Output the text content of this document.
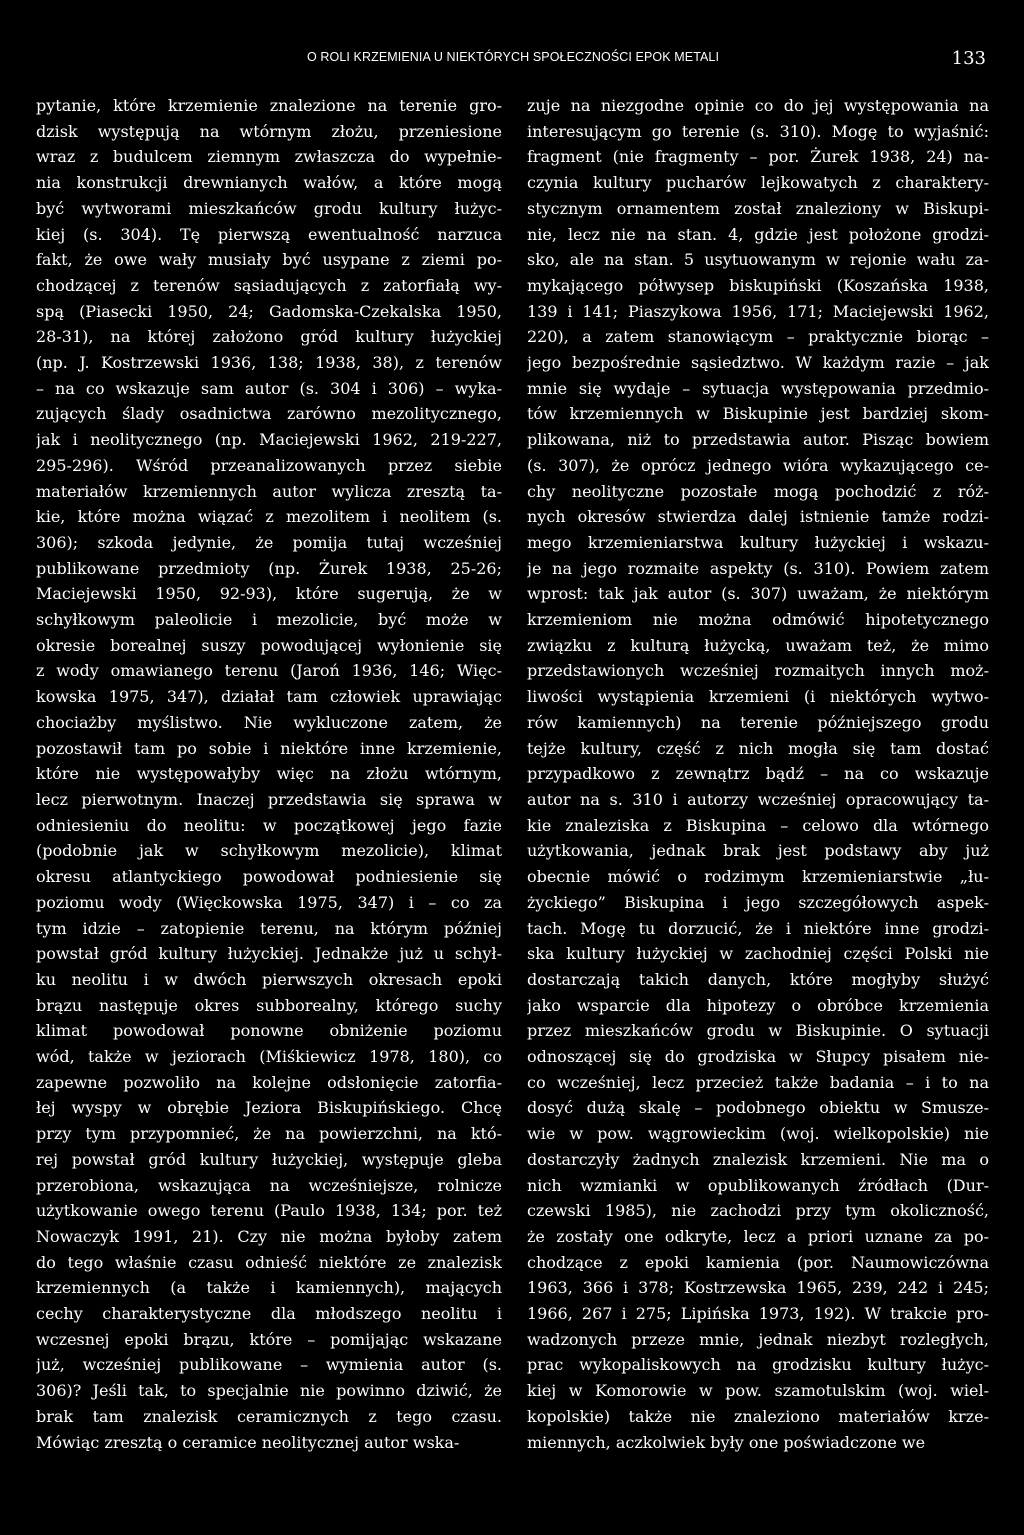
O ROLI KRZEMIENIA U NIEKTÓRYCH SPOŁECZNOŚCI EPOK METALI	133
pytanie, które krzemienie znalezione na terenie gro-
dzisk występują na wtórnym złożu, przeniesione
wraz z budulcem ziemnym zwłaszcza do wypełnie-
nia konstrukcji drewnianych wałów, a które mogą
być wytworami mieszkańców grodu kultury łużyc-
kiej (s. 304). Tę pierwszą ewentualność narzuca
fakt, że owe wały musiały być usypane z ziemi po-
chodzącej z terenów sąsiadujących z zatorfiałą wy-
spą (Piasecki 1950, 24; Gadomska-Czekalska 1950,
28-31), na której założono gród kultury łużyckiej
(np. J. Kostrzewski 1936, 138; 1938, 38), z terenów
– na co wskazuje sam autor (s. 304 i 306) – wyka-
zujących ślady osadnictwa zarówno mezolitycznego,
jak i neolitycznego (np. Maciejewski 1962, 219-227,
295-296). Wśród przeanalizowanych przez siebie
materiałów krzemiennych autor wylicza zresztą ta-
kie, które można wiązać z mezolitem i neolitem (s.
306); szkoda jedynie, że pomija tutaj wcześniej
publikowane przedmioty (np. Żurek 1938, 25-26;
Maciejewski 1950, 92-93), które sugerują, że w
schyłkowym paleolicie i mezolicie, być może w
okresie borealnej suszy powodującej wyłonienie się
z wody omawianego terenu (Jaroń 1936, 146; Więc-
kowska 1975, 347), działał tam człowiek uprawiając
chociażby myślistwo. Nie wykluczone zatem, że
pozostawił tam po sobie i niektóre inne krzemienie,
które nie występowałyby więc na złożu wtórnym,
lecz pierwotnym. Inaczej przedstawia się sprawa w
odniesieniu do neolitu: w początkowej jego fazie
(podobnie jak w schyłkowym mezolicie), klimat
okresu atlantyckiego powodował podniesienie się
poziomu wody (Więckowska 1975, 347) i – co za
tym idzie – zatopienie terenu, na którym później
powstał gród kultury łużyckiej. Jednakże już u schył-
ku neolitu i w dwóch pierwszych okresach epoki
brązu następuje okres subborealny, którego suchy
klimat powodował ponowne obniżenie poziomu
wód, także w jeziorach (Miśkiewicz 1978, 180), co
zapewne pozwoliło na kolejne odsłonięcie zatorfia-
łej wyspy w obrębie Jeziora Biskupińskiego. Chcę
przy tym przypomnieć, że na powierzchni, na któ-
rej powstał gród kultury łużyckiej, występuje gleba
przerobiona, wskazująca na wcześniejsze, rolnicze
użytkowanie owego terenu (Paulo 1938, 134; por. też
Nowaczyk 1991, 21). Czy nie można byłoby zatem
do tego właśnie czasu odnieść niektóre ze znalezisk
krzemiennych (a także i kamiennych), mających
cechy charakterystyczne dla młodszego neolitu i
wczesnej epoki brązu, które – pomijając wskazane
już, wcześniej publikowane – wymienia autor (s.
306)? Jeśli tak, to specjalnie nie powinno dziwić, że
brak tam znalezisk ceramicznych z tego czasu.
Mówiąc zresztą o ceramice neolitycznej autor wska-
zuje na niezgodne opinie co do jej występowania na
interesującym go terenie (s. 310). Mogę to wyjaśnić:
fragment (nie fragmenty – por. Żurek 1938, 24) na-
czynia kultury pucharów lejkowatych z charaktery-
stycznym ornamentem został znaleziony w Biskupi-
nie, lecz nie na stan. 4, gdzie jest położone grodzi-
sko, ale na stan. 5 usytuowanym w rejonie wału za-
mykającego półwysep biskupiński (Koszańska 1938,
139 i 141; Piaszykowa 1956, 171; Maciejewski 1962,
220), a zatem stanowiącym – praktycznie biorąc –
jego bezpośrednie sąsiedztwo. W każdym razie – jak
mnie się wydaje – sytuacja występowania przedmio-
tów krzemiennych w Biskupinie jest bardziej skom-
plikowana, niż to przedstawia autor. Pisząc bowiem
(s. 307), że oprócz jednego wióra wykazującego ce-
chy neolityczne pozostałe mogą pochodzić z róż-
nych okresów stwierdza dalej istnienie tamże rodzi-
mego krzemieniarstwa kultury łużyckiej i wskazu-
je na jego rozmaite aspekty (s. 310). Powiem zatem
wprost: tak jak autor (s. 307) uważam, że niektórym
krzemieniom nie można odmówić hipotetycznego
związku z kulturą łużycką, uważam też, że mimo
przedstawionych wcześniej rozmaitych innych moż-
liwości wystąpienia krzemieni (i niektórych wytwo-
rów kamiennych) na terenie późniejszego grodu
tejże kultury, część z nich mogła się tam dostać
przypadkowo z zewnątrz bądź – na co wskazuje
autor na s. 310 i autorzy wcześniej opracowujący ta-
kie znaleziska z Biskupina – celowo dla wtórnego
użytkowania, jednak brak jest podstawy aby już
obecnie mówić o rodzimym krzemieniarstwie „łu-
życkiego” Biskupina i jego szczegółowych aspek-
tach. Mogę tu dorzucić, że i niektóre inne grodzi-
ska kultury łużyckiej w zachodniej części Polski nie
dostarczają takich danych, które mogłyby służyć
jako wsparcie dla hipotezy o obróbce krzemienia
przez mieszkańców grodu w Biskupinie. O sytuacji
odnoszącej się do grodziska w Słupcy pisałem nie-
co wcześniej, lecz przecież także badania – i to na
dosyć dużą skalę – podobnego obiektu w Smusze-
wie w pow. wągrowieckim (woj. wielkopolskie) nie
dostarczyły żadnych znalezisk krzemieni. Nie ma o
nich wzmianki w opublikowanych źródłach (Dur-
czewski 1985), nie zachodzi przy tym okoliczność,
że zostały one odkryte, lecz a priori uznane za po-
chodzące z epoki kamienia (por. Naumowiczówna
1963, 366 i 378; Kostrzewska 1965, 239, 242 i 245;
1966, 267 i 275; Lipińska 1973, 192). W trakcie pro-
wadzonych przeze mnie, jednak niezbyt rozległych,
prac wykopaliskowych na grodzisku kultury łużyc-
kiej w Komorowie w pow. szamotulskim (woj. wiel-
kopolskie) także nie znaleziono materiałów krze-
miennych, aczkolwiek były one poświadczone we
